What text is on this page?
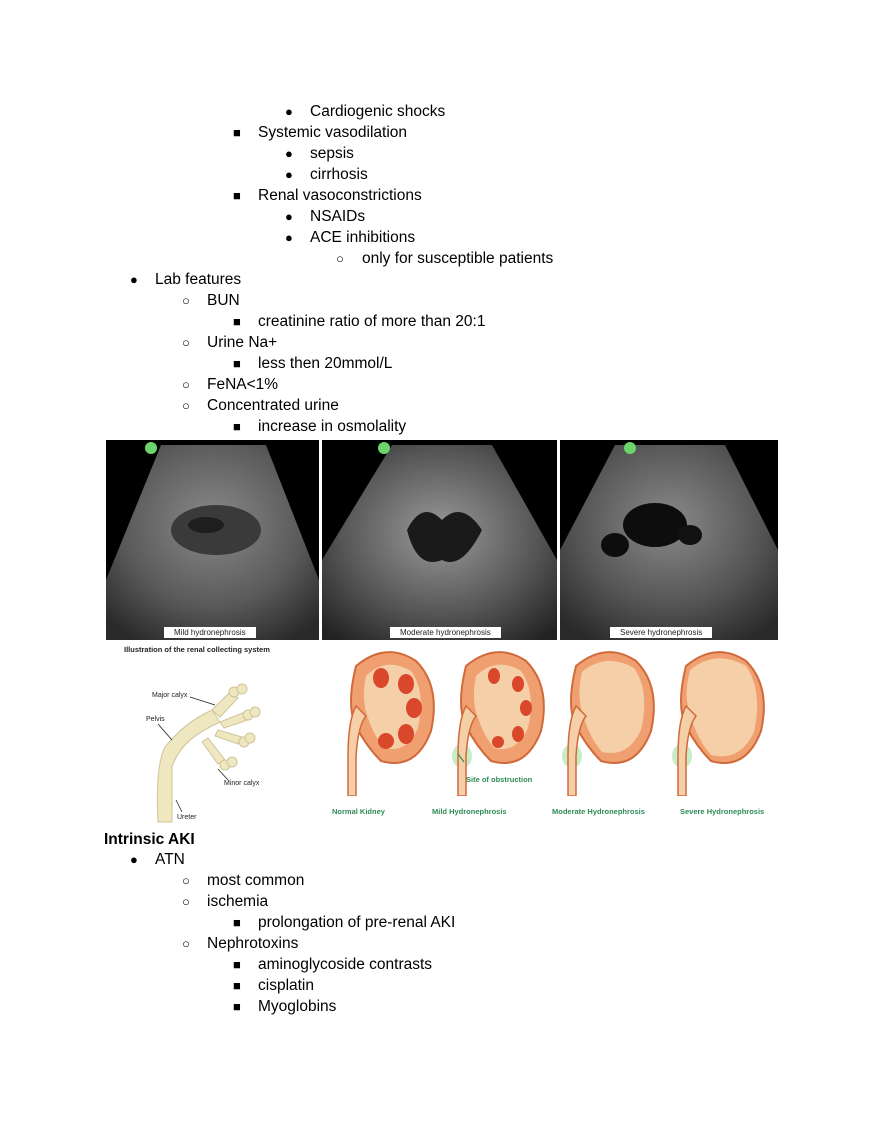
● Cardiogenic shocks
■ Systemic vasodilation
● sepsis
● cirrhosis
■ Renal vasoconstrictions
● NSAIDs
● ACE inhibitions
○ only for susceptible patients
● Lab features
○ BUN
■ creatinine ratio of more than 20:1
○ Urine Na+
■ less then 20mmol/L
○ FeNA<1%
○ Concentrated urine
■ increase in osmolality
Mild hydronephrosis	Moderate hydronephrosis	Severe hydronephrosis
Illustration of the renal collecting system
Major calyx
Pelvis
Minor calyx
Ureter
Site of obstruction
Normal Kidney	Mild Hydronephrosis	Moderate Hydronephrosis	Severe Hydronephrosis
Intrinsic AKI
● ATN
○ most common
○ ischemia
■ prolongation of pre-renal AKI
○ Nephrotoxins
■ aminoglycoside contrasts
■ cisplatin
■ Myoglobins
